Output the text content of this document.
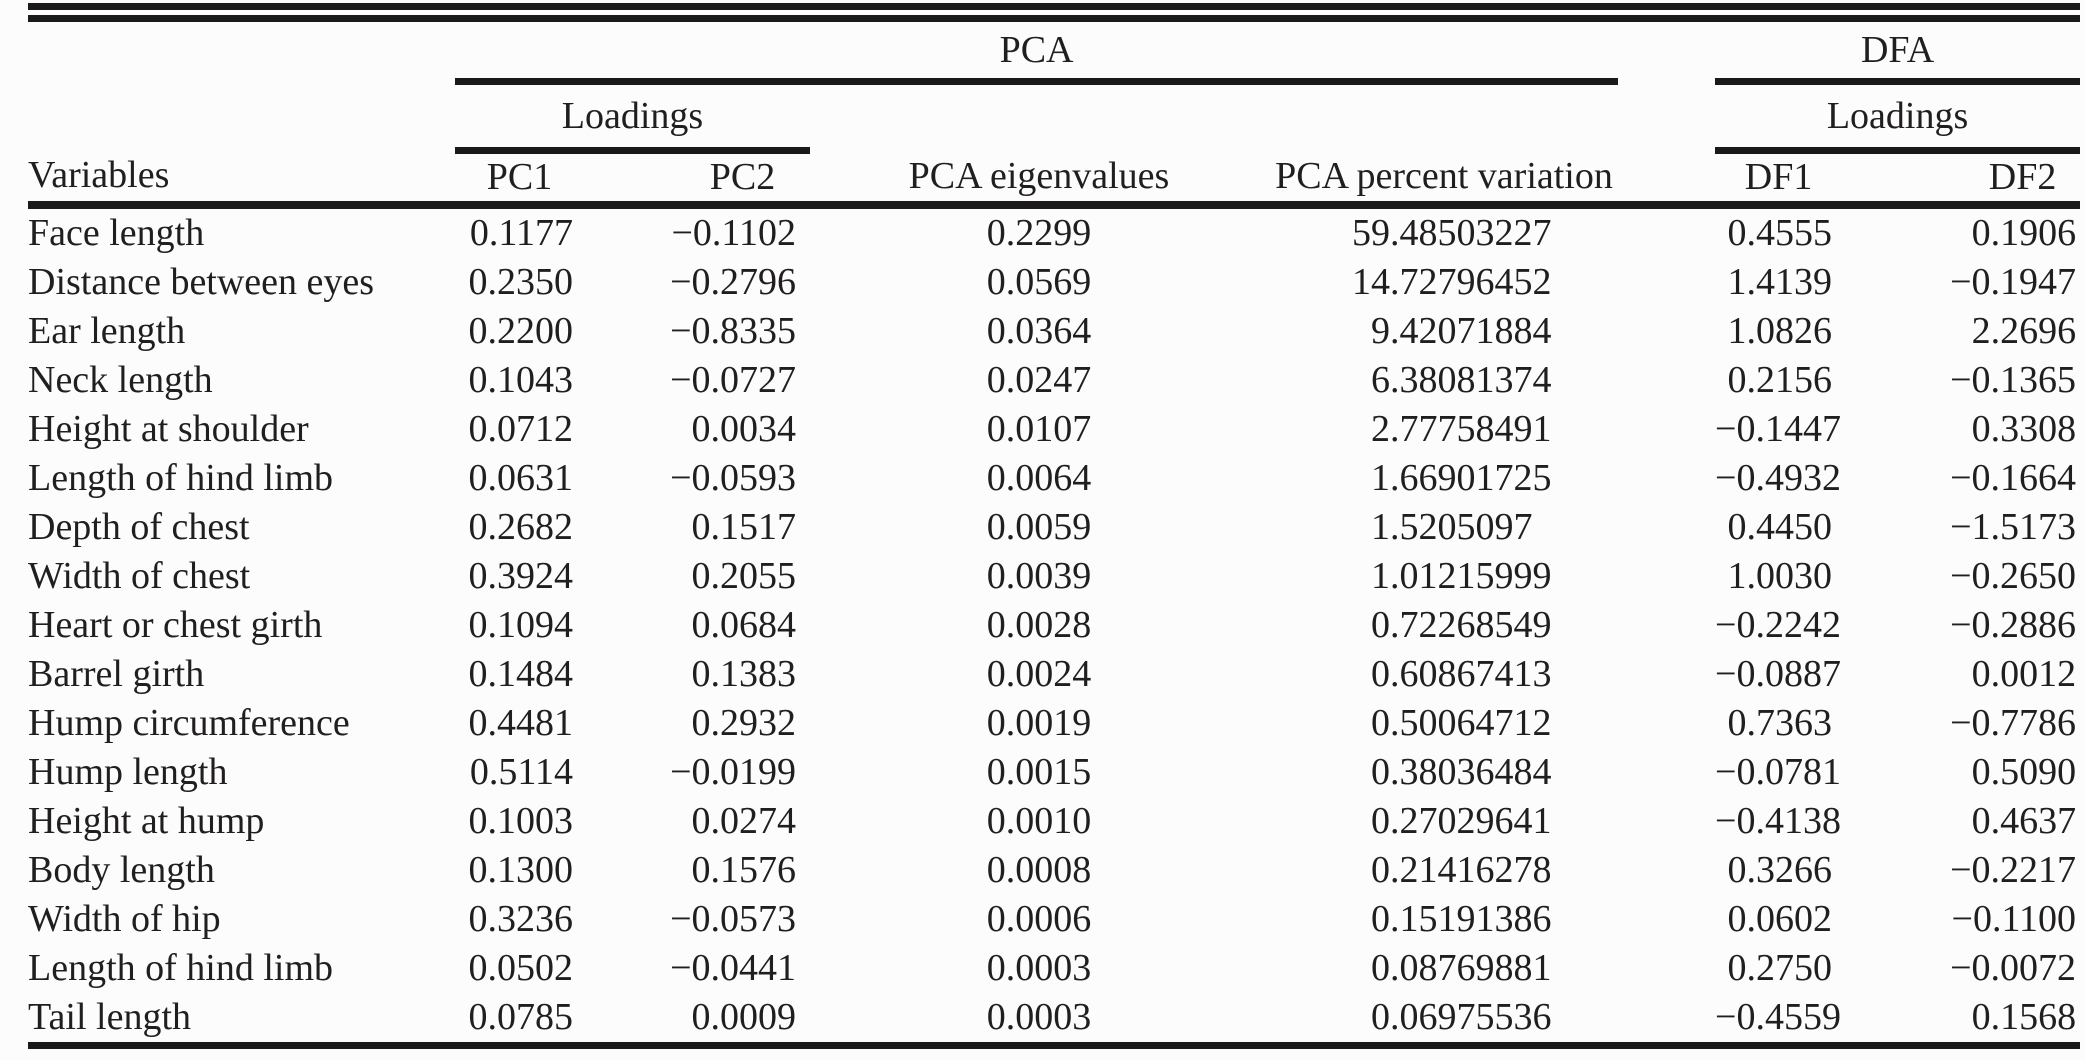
	PCA					DFA	
	Loadings					Loadings	
Variables	PC1	PC2	PCA eigenvalues	PCA percent variation		DF1	DF2
Face length	0.1177	−0.1102	0.2299	59.48503227		0.4555	0.1906
Distance between eyes	0.2350	−0.2796	0.0569	14.72796452		1.4139	−0.1947
Ear length	0.2200	−0.8335	0.0364	9.42071884		1.0826	2.2696
Neck length	0.1043	−0.0727	0.0247	6.38081374		0.2156	−0.1365
Height at shoulder	0.0712	0.0034	0.0107	2.77758491		−0.1447	0.3308
Length of hind limb	0.0631	−0.0593	0.0064	1.66901725		−0.4932	−0.1664
Depth of chest	0.2682	0.1517	0.0059	1.5205097		0.4450	−1.5173
Width of chest	0.3924	0.2055	0.0039	1.01215999		1.0030	−0.2650
Heart or chest girth	0.1094	0.0684	0.0028	0.72268549		−0.2242	−0.2886
Barrel girth	0.1484	0.1383	0.0024	0.60867413		−0.0887	0.0012
Hump circumference	0.4481	0.2932	0.0019	0.50064712		0.7363	−0.7786
Hump length	0.5114	−0.0199	0.0015	0.38036484		−0.0781	0.5090
Height at hump	0.1003	0.0274	0.0010	0.27029641		−0.4138	0.4637
Body length	0.1300	0.1576	0.0008	0.21416278		0.3266	−0.2217
Width of hip	0.3236	−0.0573	0.0006	0.15191386		0.0602	−0.1100
Length of hind limb	0.0502	−0.0441	0.0003	0.08769881		0.2750	−0.0072
Tail length	0.0785	0.0009	0.0003	0.06975536		−0.4559	0.1568
